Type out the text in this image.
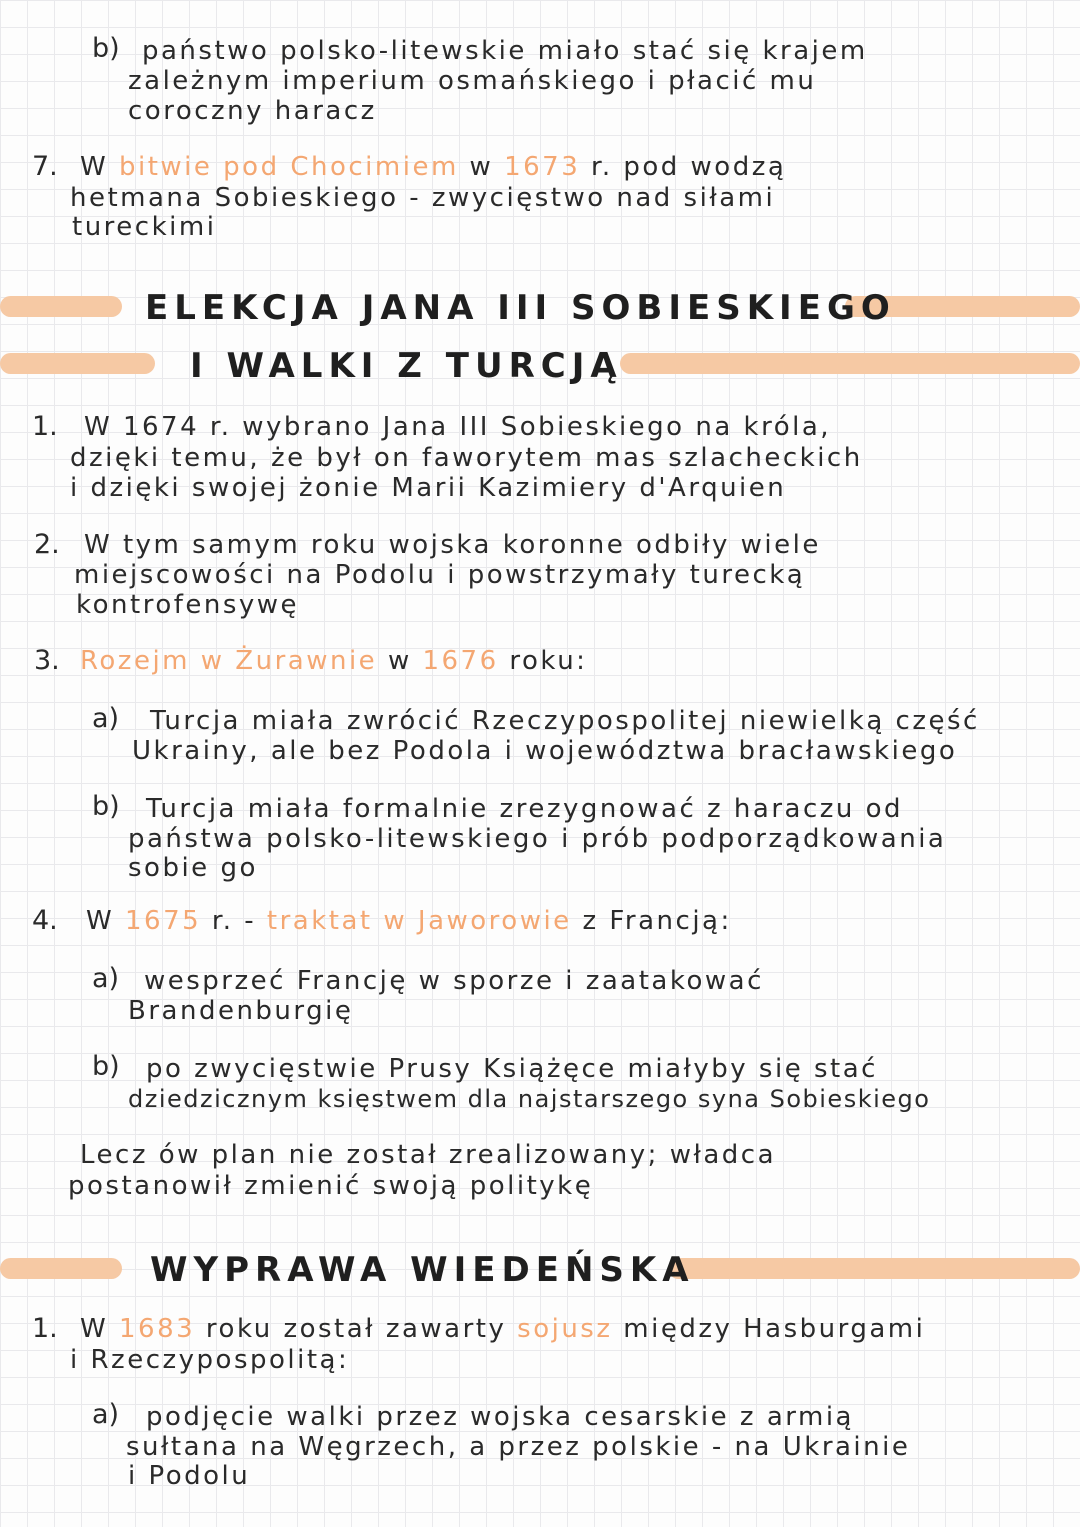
b) państwo polsko-litewskie miało stać się krajem
zależnym imperium osmańskiego i płacić mu
coroczny haracz
7. W bitwie pod Chocimiem w 1673 r. pod wodzą
hetmana Sobieskiego - zwycięstwo nad siłami
tureckimi
ELEKCJA JANA III SOBIESKIEGO
I WALKI Z TURCJĄ
1. W 1674 r. wybrano Jana III Sobieskiego na króla,
dzięki temu, że był on faworytem mas szlacheckich
i dzięki swojej żonie Marii Kazimiery d'Arquien
2. W tym samym roku wojska koronne odbiły wiele
miejscowości na Podolu i powstrzymały turecką
kontrofensywę
3. Rozejm w Żurawnie w 1676 roku:
a) Turcja miała zwrócić Rzeczypospolitej niewielką część
Ukrainy, ale bez Podola i województwa bracławskiego
b) Turcja miała formalnie zrezygnować z haraczu od
państwa polsko-litewskiego i prób podporządkowania
sobie go
4. W 1675 r. - traktat w Jaworowie z Francją:
a) wesprzeć Francję w sporze i zaatakować
Brandenburgię
b) po zwycięstwie Prusy Książęce miałyby się stać
dziedzicznym księstwem dla najstarszego syna Sobieskiego
Lecz ów plan nie został zrealizowany; władca
postanowił zmienić swoją politykę
WYPRAWA WIEDEŃSKA
1. W 1683 roku został zawarty sojusz między Hasburgami
i Rzeczypospolitą:
a) podjęcie walki przez wojska cesarskie z armią
sułtana na Węgrzech, a przez polskie - na Ukrainie
i Podolu
